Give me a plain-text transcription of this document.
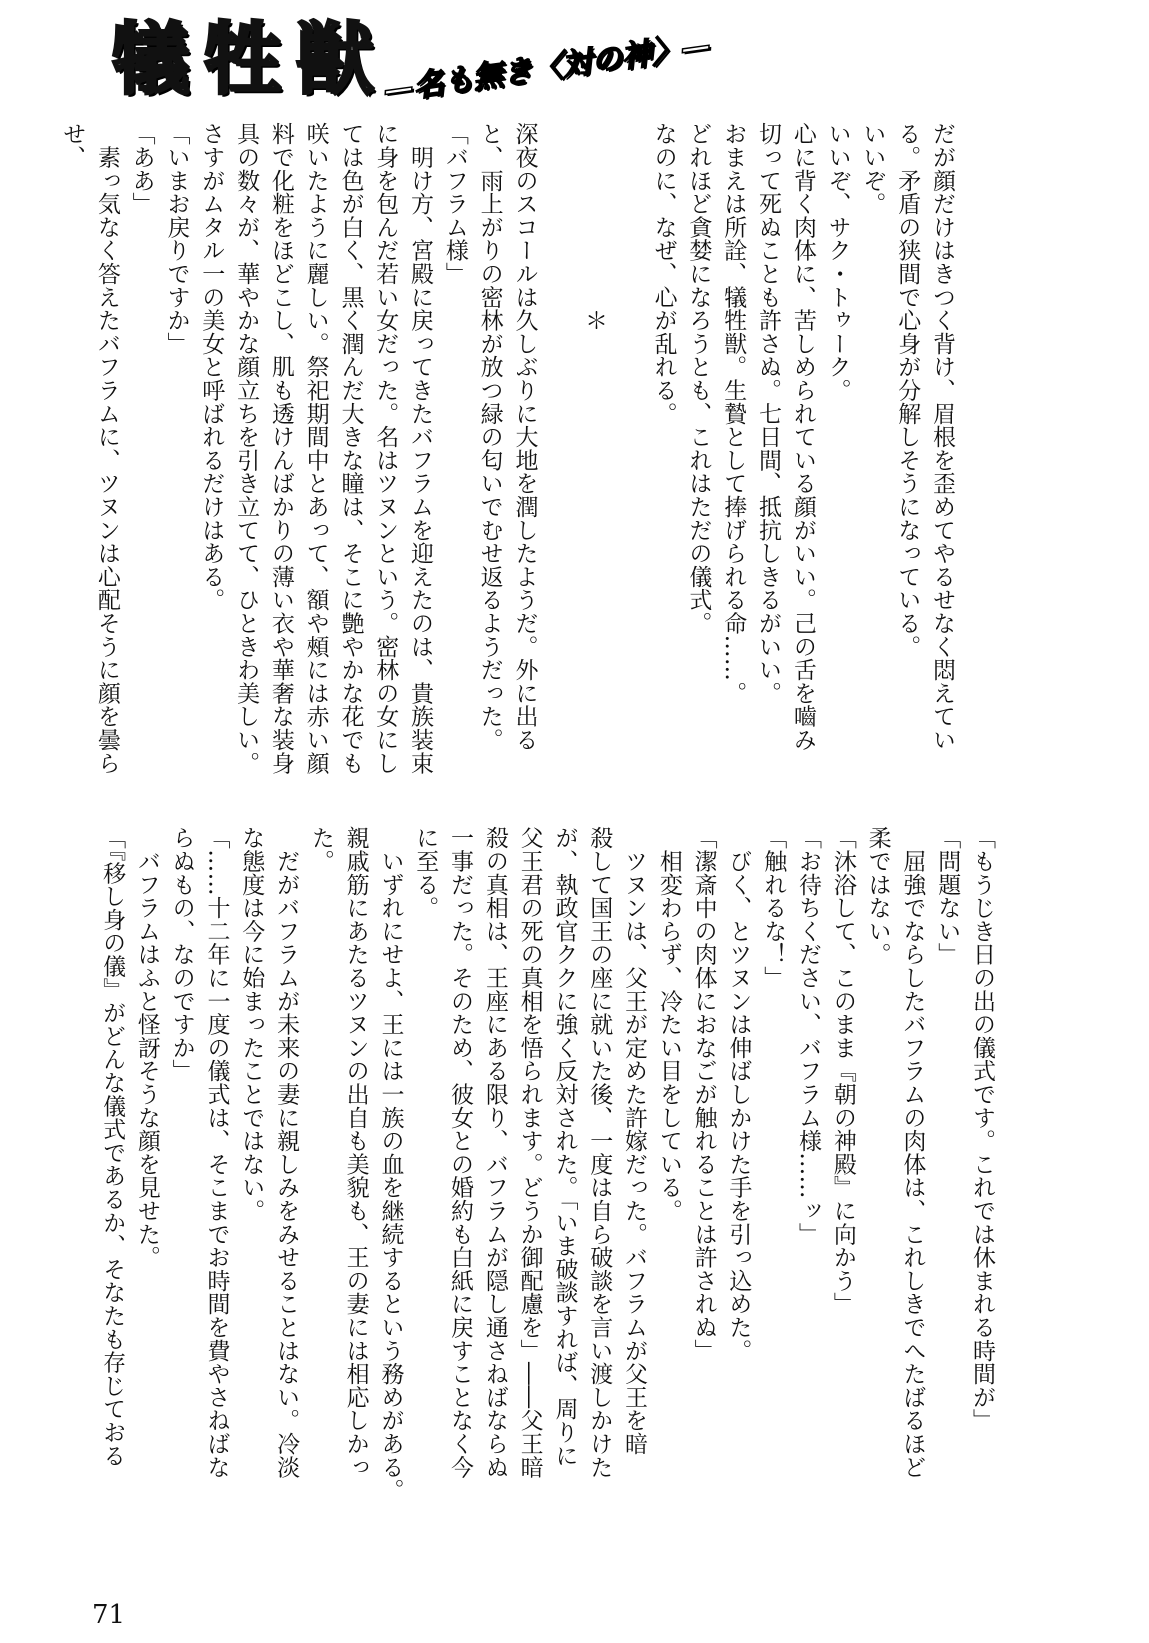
犠牲獣
—名も無き〈対の神〉—
だが顔だけはきつく背け、眉根を歪めてやるせなく悶えてい
る。矛盾の狭間で心身が分解しそうになっている。
いいぞ。
いいぞ、サク・トゥーク。
心に背く肉体に、苦しめられている顔がいい。己の舌を嚙み
切って死ぬことも許さぬ。七日間、抵抗しきるがいい。
おまえは所詮、犠牲獣。生贄として捧げられる命……。
どれほど貪婪になろうとも、これはただの儀式。
なのに、なぜ、心が乱れる。
　　　　　　　　＊
深夜のスコールは久しぶりに大地を潤したようだ。外に出る
と、雨上がりの密林が放つ緑の匂いでむせ返るようだった。
「バフラム様」
　明け方、宮殿に戻ってきたバフラムを迎えたのは、貴族装束
に身を包んだ若い女だった。名はツヌンという。密林の女にし
ては色が白く、黒く潤んだ大きな瞳は、そこに艶やかな花でも
咲いたように麗しい。祭祀期間中とあって、額や頰には赤い顔
料で化粧をほどこし、肌も透けんばかりの薄い衣や華奢な装身
具の数々が、華やかな顔立ちを引き立てて、ひときわ美しい。
さすがムタル一の美女と呼ばれるだけはある。
「いまお戻りですか」
「ああ」
　素っ気なく答えたバフラムに、ツヌンは心配そうに顔を曇ら
せ、
「もうじき日の出の儀式です。これでは休まれる時間が」
「問題ない」
　屈強でならしたバフラムの肉体は、これしきでへたばるほど
柔ではない。
「沐浴して、このまま『朝の神殿』に向かう」
「お待ちください、バフラム様……ッ」
「触れるな！」
　びく、とツヌンは伸ばしかけた手を引っ込めた。
「潔斎中の肉体におなごが触れることは許されぬ」
　相変わらず、冷たい目をしている。
　ツヌンは、父王が定めた許嫁だった。バフラムが父王を暗
殺して国王の座に就いた後、一度は自ら破談を言い渡しかけた
が、執政官ククに強く反対された。「いま破談すれば、周りに
父王君の死の真相を悟られます。どうか御配慮を」――父王暗
殺の真相は、王座にある限り、バフラムが隠し通さねばならぬ
一事だった。そのため、彼女との婚約も白紙に戻すことなく今
に至る。
　いずれにせよ、王には一族の血を継続するという務めがある。
親戚筋にあたるツヌンの出自も美貌も、王の妻には相応しかっ
た。
　だがバフラムが未来の妻に親しみをみせることはない。冷淡
な態度は今に始まったことではない。
「……十二年に一度の儀式は、そこまでお時間を費やさねばな
らぬもの、なのですか」
　バフラムはふと怪訝そうな顔を見せた。
「『移し身の儀』がどんな儀式であるか、そなたも存じておる
71
